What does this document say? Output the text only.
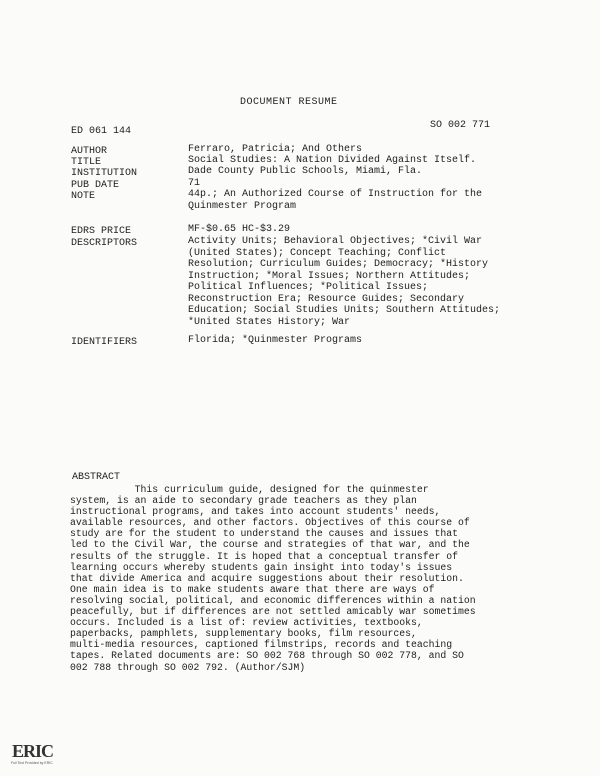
DOCUMENT RESUME
ED 061 144
SO 002 771
AUTHOR	Ferraro, Patricia; And Others
TITLE	Social Studies: A Nation Divided Against Itself.
INSTITUTION	Dade County Public Schools, Miami, Fla.
PUB DATE	71
NOTE	44p.; An Authorized Course of Instruction for the
Quinmester Program
EDRS PRICE	MF-$0.65 HC-$3.29
DESCRIPTORS	Activity Units; Behavioral Objectives; *Civil War
(United States); Concept Teaching; Conflict
Resolution; Curriculum Guides; Democracy; *History
Instruction; *Moral Issues; Northern Attitudes;
Political Influences; *Political Issues;
Reconstruction Era; Resource Guides; Secondary
Education; Social Studies Units; Southern Attitudes;
*United States History; War
IDENTIFIERS	Florida; *Quinmester Programs
ABSTRACT
This curriculum guide, designed for the quinmester
system, is an aide to secondary grade teachers as they plan
instructional programs, and takes into account students' needs,
available resources, and other factors. Objectives of this course of
study are for the student to understand the causes and issues that
led to the Civil War, the course and strategies of that war, and the
results of the struggle. It is hoped that a conceptual transfer of
learning occurs whereby students gain insight into today's issues
that divide America and acquire suggestions about their resolution.
One main idea is to make students aware that there are ways of
resolving social, political, and economic differences within a nation
peacefully, but if differences are not settled amicably war sometimes
occurs. Included is a list of: review activities, textbooks,
paperbacks, pamphlets, supplementary books, film resources,
multi-media resources, captioned filmstrips, records and teaching
tapes. Related documents are: SO 002 768 through SO 002 778, and SO
002 788 through SO 002 792. (Author/SJM)
ERIC
Full Text Provided by ERIC
